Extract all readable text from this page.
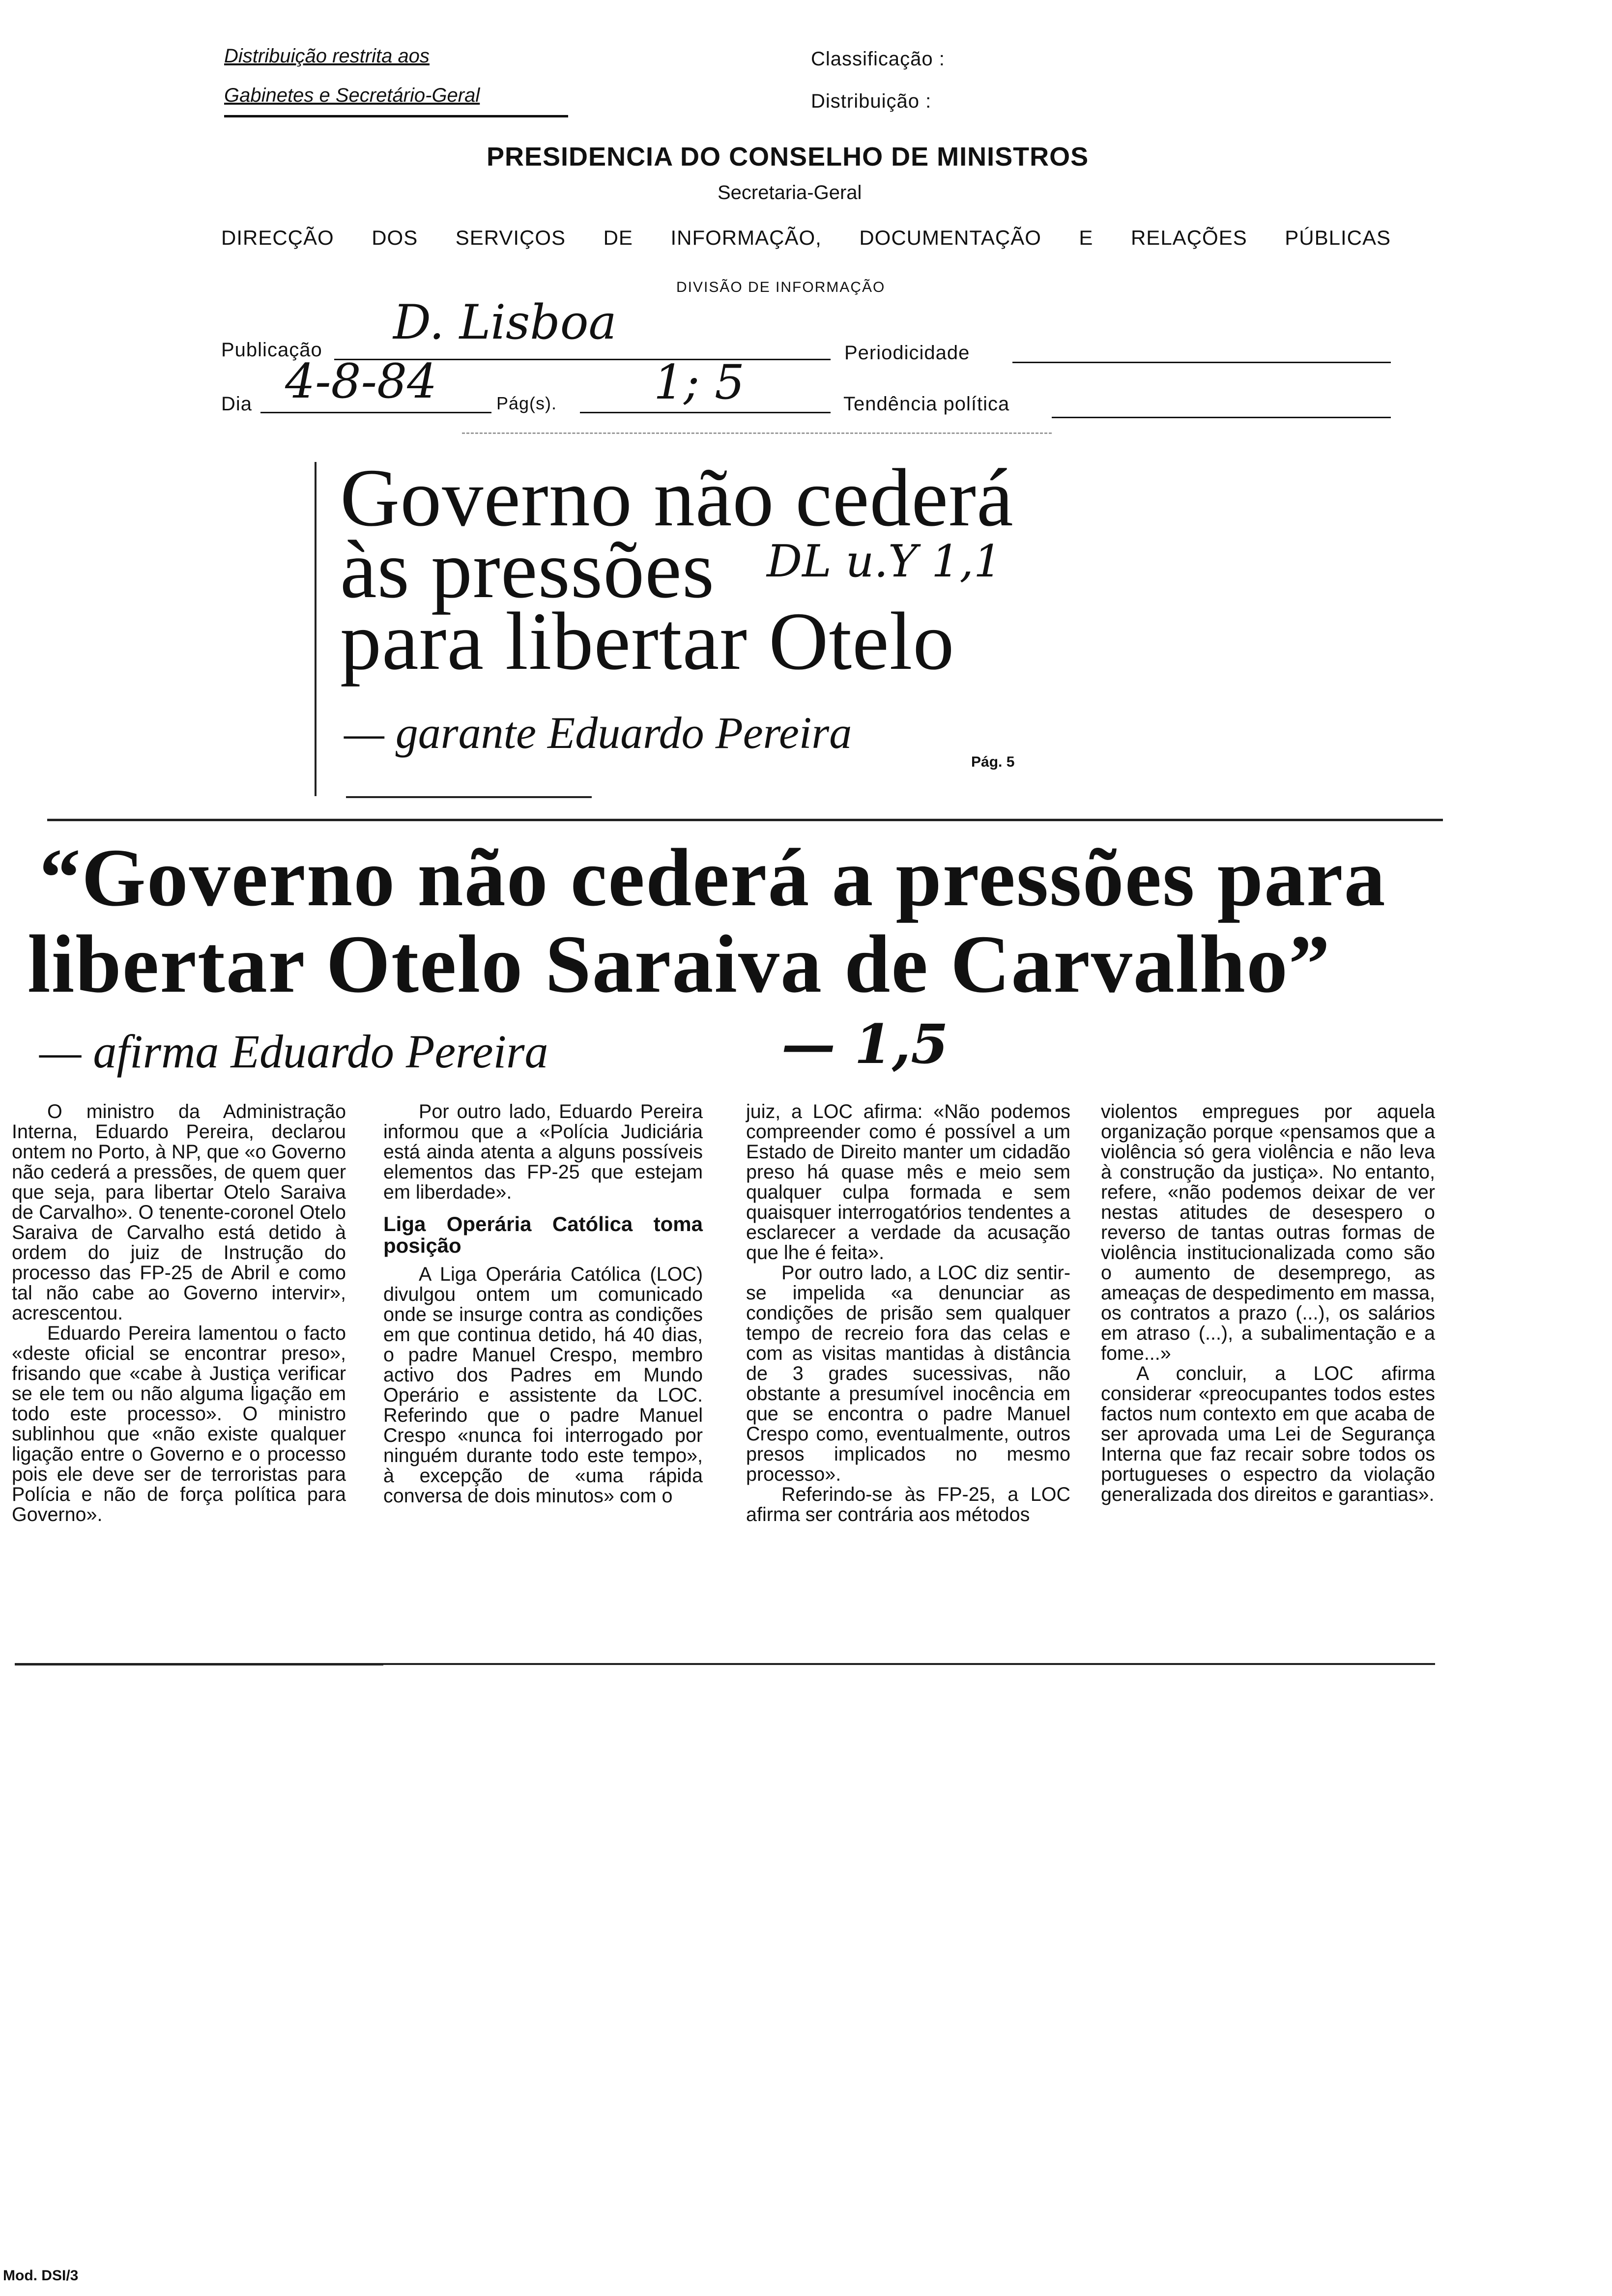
Distribuição restrita aos
Gabinetes e Secretário-Geral
Classificação :
Distribuição :
PRESIDENCIA DO CONSELHO DE MINISTROS
Secretaria-Geral
DIRECÇÃO DOS SERVIÇOS DE INFORMAÇÃO, DOCUMENTAÇÃO E RELAÇÕES PÚBLICAS
DIVISÃO DE INFORMAÇÃO
Publicação D. Lisboa
Periodicidade
Dia 4-8-84	Pág(s). 1; 5	Tendência política
Governo não cederá
às pressões
para libertar Otelo
DL u.Y 1,1
— garante Eduardo Pereira
Pág. 5
“Governo não cederá a pressões para
libertar Otelo Saraiva de Carvalho”
— afirma Eduardo Pereira	— 1,5

O ministro da Administração Interna, Eduardo Pereira, declarou ontem no Porto, à NP, que «o Governo não cederá a pressões, de quem quer que seja, para libertar Otelo Saraiva de Carvalho». O tenente-coronel Otelo Saraiva de Carvalho está detido à ordem do juiz de Instrução do processo das FP-25 de Abril e como tal não cabe ao Governo intervir», acrescentou.

Eduardo Pereira lamentou o facto «deste oficial se encontrar preso», frisando que «cabe à Justiça verificar se ele tem ou não alguma ligação em todo este processo». O ministro sublinhou que «não existe qualquer ligação entre o Governo e o processo pois ele deve ser de terroristas para Polícia e não de força política para Governo».

Por outro lado, Eduardo Pereira informou que a «Polícia Judiciária está ainda atenta a alguns possíveis elementos das FP-25 que estejam em liberdade».

Liga Operária Católica toma posição

A Liga Operária Católica (LOC) divulgou ontem um comunicado onde se insurge contra as condições em que continua detido, há 40 dias, o padre Manuel Crespo, membro activo dos Padres em Mundo Operário e assistente da LOC. Referindo que o padre Manuel Crespo «nunca foi interrogado por ninguém durante todo este tempo», à excepção de «uma rápida conversa de dois minutos» com o

juiz, a LOC afirma: «Não podemos compreender como é possível a um Estado de Direito manter um cidadão preso há quase mês e meio sem qualquer culpa formada e sem quaisquer interrogatórios tendentes a esclarecer a verdade da acusação que lhe é feita».

Por outro lado, a LOC diz sentir-se impelida «a denunciar as condições de prisão sem qualquer tempo de recreio fora das celas e com as visitas mantidas à distância de 3 grades sucessivas, não obstante a presumível inocência em que se encontra o padre Manuel Crespo como, eventualmente, outros presos implicados no mesmo processo».

Referindo-se às FP-25, a LOC afirma ser contrária aos métodos

violentos empregues por aquela organização porque «pensamos que a violência só gera violência e não leva à construção da justiça». No entanto, refere, «não podemos deixar de ver nestas atitudes de desespero o reverso de tantas outras formas de violência institucionalizada como são o aumento de desemprego, as ameaças de despedimento em massa, os contratos a prazo (...), os salários em atraso (...), a subalimentação e a fome...»

A concluir, a LOC afirma considerar «preocupantes todos estes factos num contexto em que acaba de ser aprovada uma Lei de Segurança Interna que faz recair sobre todos os portugueses o espectro da violação generalizada dos direitos e garantias».

Mod. DSI/3
